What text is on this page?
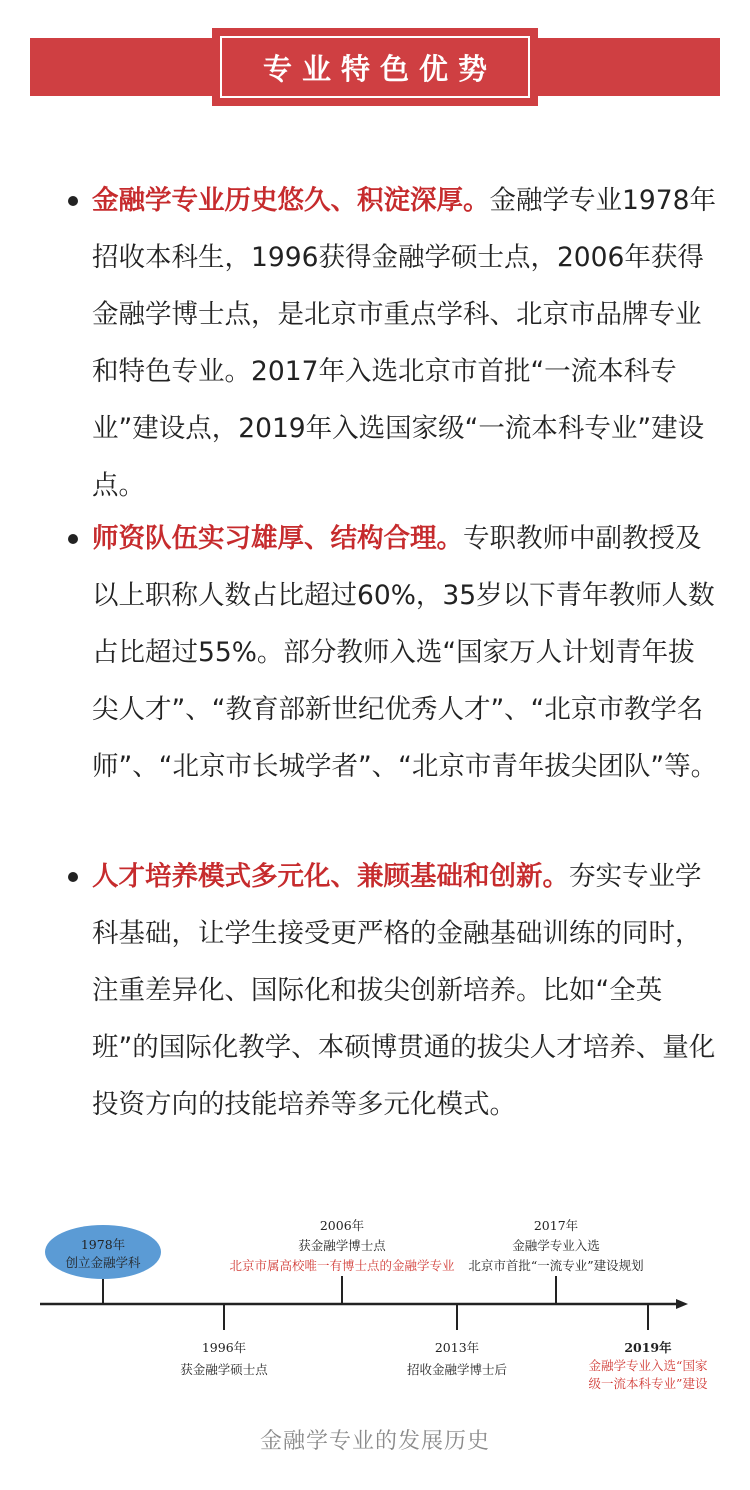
专业特色优势
金融学专业历史悠久、积淀深厚。金融学专业1978年招收本科生，1996获得金融学硕士点，2006年获得金融学博士点，是北京市重点学科、北京市品牌专业和特色专业。2017年入选北京市首批“一流本科专业”建设点，2019年入选国家级“一流本科专业”建设点。
师资队伍实习雄厚、结构合理。专职教师中副教授及以上职称人数占比超过60%，35岁以下青年教师人数占比超过55%。部分教师入选“国家万人计划青年拔尖人才”、“教育部新世纪优秀人才”、“北京市教学名师”、“北京市长城学者”、“北京市青年拔尖团队”等。
人才培养模式多元化、兼顾基础和创新。夯实专业学科基础，让学生接受更严格的金融基础训练的同时，注重差异化、国际化和拔尖创新培养。比如“全英班”的国际化教学、本硕博贯通的拔尖人才培养、量化投资方向的技能培养等多元化模式。
1978年
创立金融学科
2006年
获金融学博士点
北京市属高校唯一有博士点的金融学专业
2017年
金融学专业入选
北京市首批“一流专业”建设规划
1996年
获金融学硕士点
2013年
招收金融学博士后
2019年
金融学专业入选“国家
级一流本科专业”建设
金融学专业的发展历史
